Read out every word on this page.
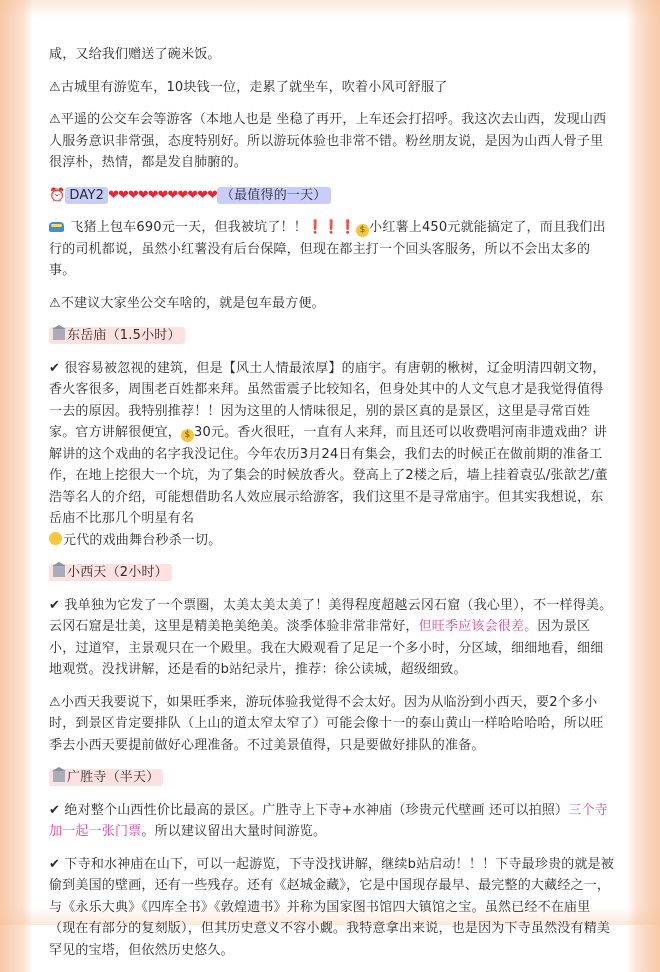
咸，又给我们赠送了碗米饭。

⚠古城里有游览车，10块钱一位，走累了就坐车，吹着小风可舒服了

⚠平遥的公交车会等游客（本地人也是 坐稳了再开，上车还会打招呼。我这次去山西，发现山西人服务意识非常强，态度特别好。所以游玩体验也非常不错。粉丝朋友说，是因为山西人骨子里很淳朴，热情，都是发自肺腑的。

⏰ DAY2 ❤❤❤❤❤❤❤❤❤❤❤ （最值得的一天）

飞猪上包车690元一天，但我被坑了！！❗❗❗ $ 小红薯上450元就能搞定了，而且我们出行的司机都说，虽然小红薯没有后台保障，但现在都主打一个回头客服务，所以不会出太多的事。

⚠不建议大家坐公交车啥的，就是包车最方便。

东岳庙（1.5小时）

✔ 很容易被忽视的建筑，但是【风土人情最浓厚】的庙宇。有唐朝的楸树，辽金明清四朝文物，香火客很多，周围老百姓都来拜。虽然雷震子比较知名，但身处其中的人文气息才是我觉得值得一去的原因。我特别推荐！！因为这里的人情味很足，别的景区真的是景区，这里是寻常百姓家。官方讲解很便宜， $ 30元。香火很旺，一直有人来拜，而且还可以收费唱河南非遗戏曲？讲解讲的这个戏曲的名字我没记住。今年农历3月24日有集会，我们去的时候正在做前期的准备工作，在地上挖很大一个坑，为了集会的时候放香火。登高上了2楼之后，墙上挂着袁弘/张歆艺/董浩等名人的介绍，可能想借助名人效应展示给游客，我们这里不是寻常庙宇。但其实我想说，东岳庙不比那几个明星有名
元代的戏曲舞台秒杀一切。

小西天（2小时）

✔ 我单独为它发了一个票圈，太美太美太美了！美得程度超越云冈石窟（我心里），不一样得美。云冈石窟是壮美，这里是精美艳美绝美。淡季体验非常非常好，但旺季应该会很差。因为景区小，过道窄，主景观只在一个殿里。我在大殿观看了足足一个多小时，分区域，细细地看，细细地观赏。没找讲解，还是看的b站纪录片，推荐：徐公读城，超级细致。

⚠小西天我要说下，如果旺季来，游玩体验我觉得不会太好。因为从临汾到小西天，要2个多小时，到景区肯定要排队（上山的道太窄太窄了）可能会像十一的泰山黄山一样哈哈哈哈，所以旺季去小西天要提前做好心理准备。不过美景值得，只是要做好排队的准备。

广胜寺（半天）

✔ 绝对整个山西性价比最高的景区。广胜寺上下寺+水神庙（珍贵元代壁画 还可以拍照）三个寺加一起一张门票。所以建议留出大量时间游览。

✔ 下寺和水神庙在山下，可以一起游览，下寺没找讲解，继续b站启动！！！下寺最珍贵的就是被偷到美国的壁画，还有一些残存。还有《赵城金藏》，它是中国现存最早、最完整的大藏经之一，与《永乐大典》《四库全书》《敦煌遗书》并称为国家图书馆四大镇馆之宝。虽然已经不在庙里（现在有部分的复刻版），但其历史意义不容小觑。我特意拿出来说，也是因为下寺虽然没有精美罕见的宝塔，但依然历史悠久。
